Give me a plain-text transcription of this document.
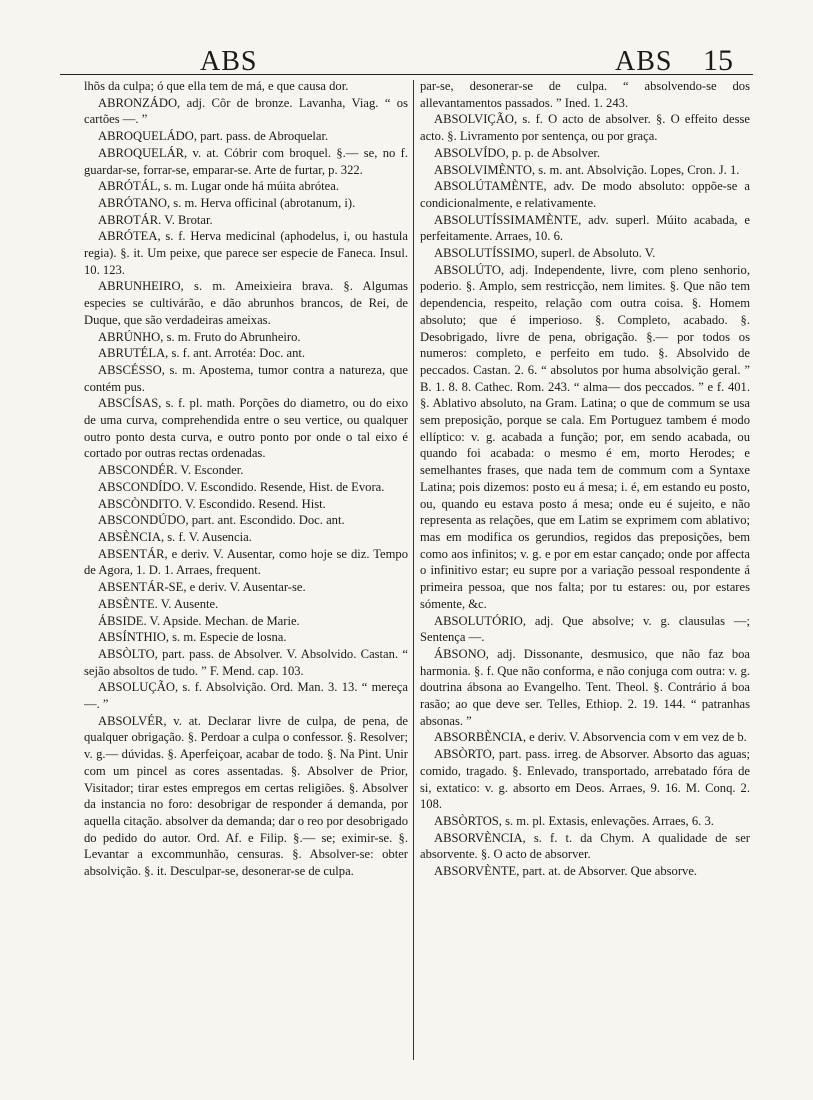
ABS	ABS 15

lhõs da culpa; ó que ella tem de má, e que causa dor.

ABRONZÁDO, adj. Côr de bronze. Lavanha, Viag. “ os cartões —. ”

ABROQUELÁDO, part. pass. de Abroquelar.

ABROQUELÁR, v. at. Cóbrir com broquel. §.— se, no f. guardar-se, forrar-se, emparar-se. Arte de furtar, p. 322.

ABRÓTÁL, s. m. Lugar onde há múita abrótea.

ABRÓTANO, s. m. Herva officinal (abrotanum, i).

ABROTÁR. V. Brotar.

ABRÓTEA, s. f. Herva medicinal (aphodelus, i, ou hastula regia). §. it. Um peixe, que parece ser especie de Faneca. Insul. 10. 123.

ABRUNHEIRO, s. m. Ameixieira brava. §. Algumas especies se cultivárão, e dão abrunhos brancos, de Rei, de Duque, que são verdadeiras ameixas.

ABRÚNHO, s. m. Fruto do Abrunheiro.

ABRUTÉLA, s. f. ant. Arrotéa: Doc. ant.

ABSCÉSSO, s. m. Apostema, tumor contra a natureza, que contém pus.

ABSCÍSAS, s. f. pl. math. Porções do diametro, ou do eixo de uma curva, comprehendida entre o seu vertice, ou qualquer outro ponto desta curva, e outro ponto por onde o tal eixo é cortado por outras rectas ordenadas.

ABSCONDÉR. V. Esconder.

ABSCONDÍDO. V. Escondido. Resende, Hist. de Evora.

ABSCÒNDITO. V. Escondido. Resend. Hist.

ABSCONDÚDO, part. ant. Escondido. Doc. ant.

ABSÈNCIA, s. f. V. Ausencia.

ABSENTÁR, e deriv. V. Ausentar, como hoje se diz. Tempo de Agora, 1. D. 1. Arraes, frequent.

ABSENTÁR-SE, e deriv. V. Ausentar-se.

ABSÈNTE. V. Ausente.

ÁBSIDE. V. Apside. Mechan. de Marie.

ABSÍNTHIO, s. m. Especie de losna.

ABSÒLTO, part. pass. de Absolver. V. Absolvido. Castan. “ sejão absoltos de tudo. ” F. Mend. cap. 103.

ABSOLUÇÃO, s. f. Absolvição. Ord. Man. 3. 13. “ mereça —. ”

ABSOLVÉR, v. at. Declarar livre de culpa, de pena, de qualquer obrigação. §. Perdoar a culpa o confessor. §. Resolver; v. g.— dúvidas. §. Aperfeiçoar, acabar de todo. §. Na Pint. Unir com um pincel as cores assentadas. §. Absolver de Prior, Visitador; tirar estes empregos em certas religiões. §. Absolver da instancia no foro: desobrigar de responder á demanda, por aquella citação. absolver da demanda; dar o reo por desobrigado do pedido do autor. Ord. Af. e Filip. §.— se; eximir-se. §. Levantar a excommunhão, censuras. §. Absolver-se: obter absolvição. §. it. Desculpar-se, desonerar-se de culpa.

par-se, desonerar-se de culpa. “ absolvendo-se dos allevantamentos passados. ” Ined. 1. 243.

ABSOLVIÇÃO, s. f. O acto de absolver. §. O effeito desse acto. §. Livramento por sentença, ou por graça.

ABSOLVÍDO, p. p. de Absolver.

ABSOLVIMÈNTO, s. m. ant. Absolvição. Lopes, Cron. J. 1.

ABSOLÚTAMÈNTE, adv. De modo absoluto: oppõe-se a condicionalmente, e relativamente.

ABSOLUTÍSSIMAMÈNTE, adv. superl. Múito acabada, e perfeitamente. Arraes, 10. 6.

ABSOLUTÍSSIMO, superl. de Absoluto. V.

ABSOLÚTO, adj. Independente, livre, com pleno senhorio, poderio. §. Amplo, sem restricção, nem limites. §. Que não tem dependencia, respeito, relação com outra coisa. §. Homem absoluto; que é imperioso. §. Completo, acabado. §. Desobrigado, livre de pena, obrigação. §.— por todos os numeros: completo, e perfeito em tudo. §. Absolvido de peccados. Castan. 2. 6. “ absolutos por huma absolvição geral. ” B. 1. 8. 8. Cathec. Rom. 243. “ alma— dos peccados. ” e f. 401. §. Ablativo absoluto, na Gram. Latina; o que de commum se usa sem preposição, porque se cala. Em Portuguez tambem é modo ellíptico: v. g. acabada a função; por, em sendo acabada, ou quando foi acabada: o mesmo é em, morto Herodes; e semelhantes frases, que nada tem de commum com a Syntaxe Latina; pois dizemos: posto eu á mesa; i. é, em estando eu posto, ou, quando eu estava posto á mesa; onde eu é sujeito, e não representa as relações, que em Latim se exprimem com ablativo; mas em modifica os gerundios, regidos das preposições, bem como aos infinitos; v. g. e por em estar cançado; onde por affecta o infinitivo estar; eu supre por a variação pessoal respondente á primeira pessoa, que nos falta; por tu estares: ou, por estares sómente, &c.

ABSOLUTÓRIO, adj. Que absolve; v. g. clausulas —; Sentença —.

ÁBSONO, adj. Dissonante, desmusico, que não faz boa harmonia. §. f. Que não conforma, e não conjuga com outra: v. g. doutrina ábsona ao Evangelho. Tent. Theol. §. Contrário á boa rasão; ao que deve ser. Telles, Ethiop. 2. 19. 144. “ patranhas absonas. ”

ABSORBÈNCIA, e deriv. V. Absorvencia com v em vez de b.

ABSÒRTO, part. pass. irreg. de Absorver. Absorto das aguas; comido, tragado. §. Enlevado, transportado, arrebatado fóra de si, extatico: v. g. absorto em Deos. Arraes, 9. 16. M. Conq. 2. 108.

ABSÒRTOS, s. m. pl. Extasis, enlevações. Arraes, 6. 3.

ABSORVÈNCIA, s. f. t. da Chym. A qualidade de ser absorvente. §. O acto de absorver.

ABSORVÈNTE, part. at. de Absorver. Que absorve.
